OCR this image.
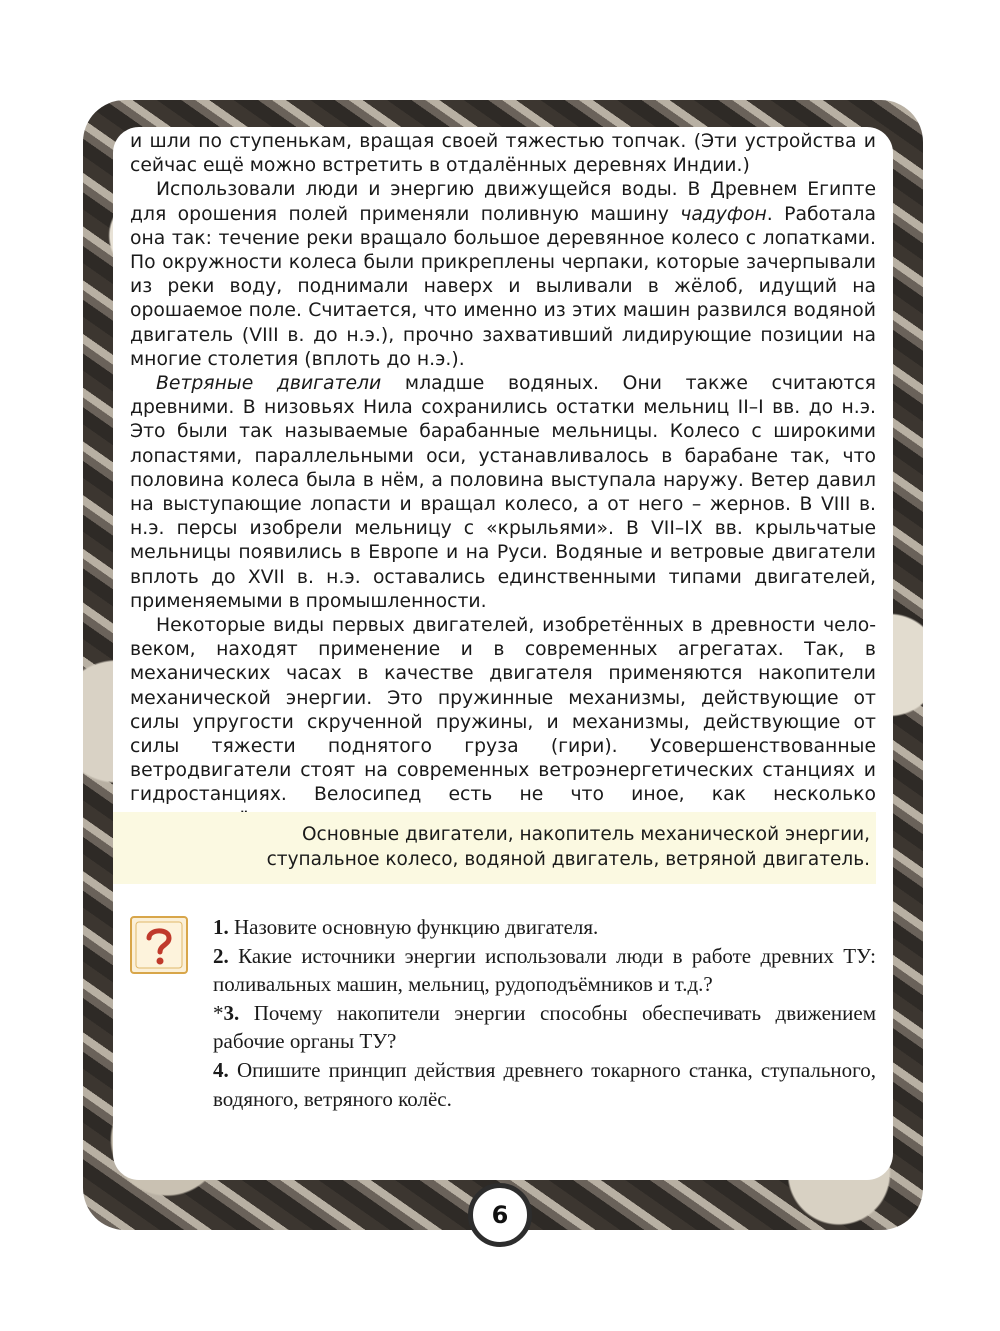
и шли по ступенькам, вращая своей тяжестью топчак. (Эти устройства и сейчас ещё можно встретить в отдалённых деревнях Индии.)

Использовали люди и энергию движущейся воды. В Древнем Египте для орошения полей применяли поливную машину чадуфон. Работала она так: течение реки вращало большое деревянное колесо с лопатками. По окружности колеса были прикреплены черпаки, которые зачерпывали из реки воду, поднимали наверх и выливали в жёлоб, идущий на орошаемое поле. Считается, что именно из этих машин развился водяной двигатель (VIII в. до н.э.), прочно захвативший лидирующие позиции на многие столетия (вплоть до н.э.).

Ветряные двигатели младше водяных. Они также считаются древними. В низовьях Нила сохранились остатки мельниц II–I вв. до н.э. Это были так называемые барабанные мельницы. Колесо с широкими лопастями, параллельными оси, устанавливалось в барабане так, что половина колеса была в нём, а половина выступала наружу. Ветер давил на выступающие лопасти и вращал колесо, а от него – жернов. В VIII в. н.э. персы изобрели мельницу с «крыльями». В VII–IX вв. крыльчатые мельницы появились в Европе и на Руси. Водяные и ветровые двигатели вплоть до XVII в. н.э. оставались единственными типами двигателей, применяемыми в промышленности.

Некоторые виды первых двигателей, изобретённых в древности человеком, находят применение и в современных агрегатах. Так, в механических часах в качестве двигателя применяются накопители механической энергии. Это пружинные механизмы, действующие от силы упругости скрученной пружины, и механизмы, действующие от силы тяжести поднятого груза (гири). Усовершенствованные ветродвигатели стоят на современных ветроэнергетических станциях и гидростанциях. Велосипед есть не что иное, как несколько

Основные двигатели, накопитель механической энергии,
ступальное колесо, водяной двигатель, ветряной двигатель.

1. Назовите основную функцию двигателя.

2. Какие источники энергии использовали люди в работе древних ТУ: поливальных машин, мельниц, рудоподъёмников и т.д.?

*3. Почему накопители энергии способны обеспечивать движением рабочие органы ТУ?

4. Опишите принцип действия древнего токарного станка, ступального, водяного, ветряного колёс.

6
